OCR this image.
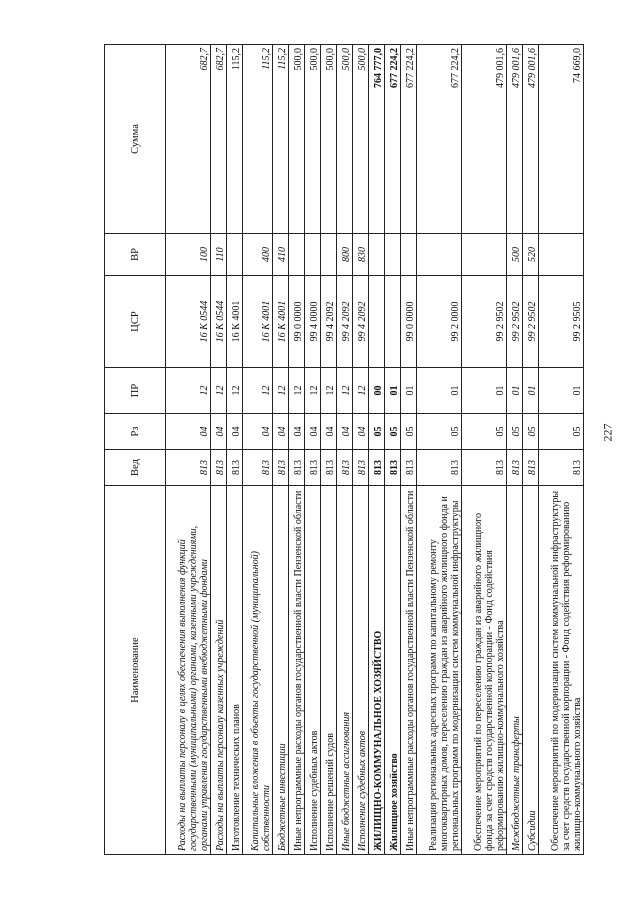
227
Наименование	Вед	Рз	ПР	ЦСР	ВР	Сумма
Расходы на выплаты персоналу в целях обеспечения выполнения функций государственными (муниципальными) органами, казенными учреждениями, органами управления государственными внебюджетными фондами	813	04	12	16 К 0544	100	682,7
Расходы на выплаты персоналу казенных учреждений	813	04	12	16 К 0544	110	682,7
Изготовление технических планов	813	04	12	16 К 4001		115,2
Капитальные вложения в объекты государственной (муниципальной) собственности	813	04	12	16 К 4001	400	115,2
Бюджетные инвестиции	813	04	12	16 К 4001	410	115,2
Иные непрограммные расходы органов государственной власти Пензенской области	813	04	12	99 0 0000		500,0
Исполнение судебных актов	813	04	12	99 4 0000		500,0
Исполнение решений судов	813	04	12	99 4 2092		500,0
Иные бюджетные ассигнования	813	04	12	99 4 2092	800	500,0
Исполнение судебных актов	813	04	12	99 4 2092	830	500,0
ЖИЛИЩНО-КОММУНАЛЬНОЕ ХОЗЯЙСТВО	813	05	00			764 777,0
Жилищное хозяйство	813	05	01			677 224,2
Иные непрограммные расходы органов государственной власти Пензенской области	813	05	01	99 0 0000		677 224,2
Реализация региональных адресных программ по капитальному ремонту многоквартирных домов, переселению граждан из аварийного жилищного фонда и региональных программ по модернизации систем коммунальной инфраструктуры	813	05	01	99 2 0000		677 224,2
Обеспечение мероприятий по переселению граждан из аварийного жилищного фонда за счет средств государственной корпорации - Фонд содействия реформированию жилищно-коммунального хозяйства	813	05	01	99 2 9502		479 001,6
Межбюджетные трансферты	813	05	01	99 2 9502	500	479 001,6
Субсидии	813	05	01	99 2 9502	520	479 001,6
Обеспечение мероприятий по модернизации систем коммунальной инфраструктуры за счет средств государственной корпорации - Фонд содействия реформированию жилищно-коммунального хозяйства	813	05	01	99 2 9505		74 669,0
